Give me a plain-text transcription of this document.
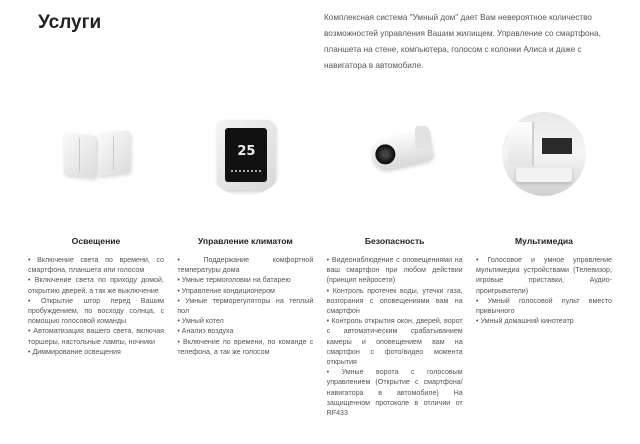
Услуги	Комплексная система "Умный дом" дает Вам невероятное количество возможностей управления Вашим жилищем. Управление со смартфона, планшета на стене, компьютера, голосом с колонки Алиса и даже с навигатора в автомобиле.

Освещение
• Включение света по времени, со смартфона, планшета или голосом
• Включение света по приходу домой, открытию дверей, а так же выключение
• Открытие штор перед Вашим пробуждением, по восходу солнца, с помощью голосовой команды
• Автоматизация вашего света, включая торшеры, настольные лампы, ночники
• Диммирование освещения
25
Управление климатом
• Поддержание комфортной температуры дома
• Умные термоголовки на батарею
• Управление кондиционером
• Умные терморегуляторы на теплый пол
• Умный котел
• Анализ воздуха
• Включение по времени, по команде с телефона, а так же голосом
Безопасность
• Видеонаблюдение с оповещениями на ваш смартфон при любом действии (принцип нейросети)
• Контроль протечек воды, утечки газа, возгорания с оповещениями вам на смартфон
• Контроль открытия окон, дверей, ворот с автоматическим срабатыванием камеры и оповещением вам на смартфон с фото/видео момента открытия
• Умные ворота с голосовым управлением (Открытие с смартфона/навигатора в автомобиле) На защищенном протоколе в отличии от RF433
Мультимедиа
• Голосовое и умное управление мультимедиа устройствами (Телевизор, игровые приставки, Аудио-проигрыватели)
• Умный голосовой пульт вместо привычного
• Умный домашний кинотеатр
